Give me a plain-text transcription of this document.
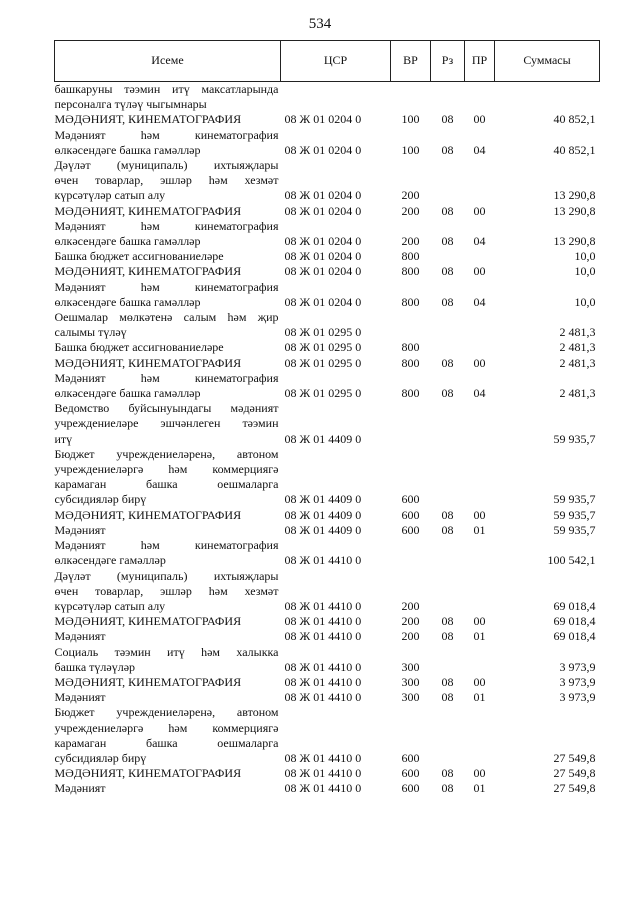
534
Исеме	ЦСР	ВР	Рз	ПР	Суммасы

башкаруны тәэмин итү максатларында
персоналга түләү чыгымнары					

МӘДӘНИЯТ, КИНЕМАТОГРАФИЯ	08 Ж 01 0204 0	100	08	00	40 852,1

Мәдәният һәм кинематография
өлкәсендәге башка гамәлләр	08 Ж 01 0204 0	100	08	04	40 852,1

Дәүләт (муниципаль) ихтыяҗлары
өчен товарлар, эшләр һәм хезмәт
күрсәтүләр сатып алу	08 Ж 01 0204 0	200			13 290,8

МӘДӘНИЯТ, КИНЕМАТОГРАФИЯ	08 Ж 01 0204 0	200	08	00	13 290,8

Мәдәният һәм кинематография
өлкәсендәге башка гамәлләр	08 Ж 01 0204 0	200	08	04	13 290,8

Башка бюджет ассигнованиеләре	08 Ж 01 0204 0	800			10,0

МӘДӘНИЯТ, КИНЕМАТОГРАФИЯ	08 Ж 01 0204 0	800	08	00	10,0

Мәдәният һәм кинематография
өлкәсендәге башка гамәлләр	08 Ж 01 0204 0	800	08	04	10,0

Оешмалар мөлкәтенә салым һәм җир
салымы түләү	08 Ж 01 0295 0				2 481,3

Башка бюджет ассигнованиеләре	08 Ж 01 0295 0	800			2 481,3

МӘДӘНИЯТ, КИНЕМАТОГРАФИЯ	08 Ж 01 0295 0	800	08	00	2 481,3

Мәдәният һәм кинематография
өлкәсендәге башка гамәлләр	08 Ж 01 0295 0	800	08	04	2 481,3

Ведомство буйсынуындагы мәдәният
учреждениеләре эшчәнлеген тәэмин
итү	08 Ж 01 4409 0				59 935,7

Бюджет учреждениеләренә, автоном
учреждениеләргә һәм коммерциягә
карамаган башка оешмаларга
субсидияләр бирү	08 Ж 01 4409 0	600			59 935,7

МӘДӘНИЯТ, КИНЕМАТОГРАФИЯ	08 Ж 01 4409 0	600	08	00	59 935,7

Мәдәният	08 Ж 01 4409 0	600	08	01	59 935,7

Мәдәният һәм кинематография
өлкәсендәге гамәлләр	08 Ж 01 4410 0				100 542,1

Дәүләт (муниципаль) ихтыяҗлары
өчен товарлар, эшләр һәм хезмәт
күрсәтүләр сатып алу	08 Ж 01 4410 0	200			69 018,4

МӘДӘНИЯТ, КИНЕМАТОГРАФИЯ	08 Ж 01 4410 0	200	08	00	69 018,4

Мәдәният	08 Ж 01 4410 0	200	08	01	69 018,4

Социаль тәэмин итү һәм халыкка
башка түләүләр	08 Ж 01 4410 0	300			3 973,9

МӘДӘНИЯТ, КИНЕМАТОГРАФИЯ	08 Ж 01 4410 0	300	08	00	3 973,9

Мәдәният	08 Ж 01 4410 0	300	08	01	3 973,9

Бюджет учреждениеләренә, автоном
учреждениеләргә һәм коммерциягә
карамаган башка оешмаларга
субсидияләр бирү	08 Ж 01 4410 0	600			27 549,8

МӘДӘНИЯТ, КИНЕМАТОГРАФИЯ	08 Ж 01 4410 0	600	08	00	27 549,8

Мәдәният	08 Ж 01 4410 0	600	08	01	27 549,8
